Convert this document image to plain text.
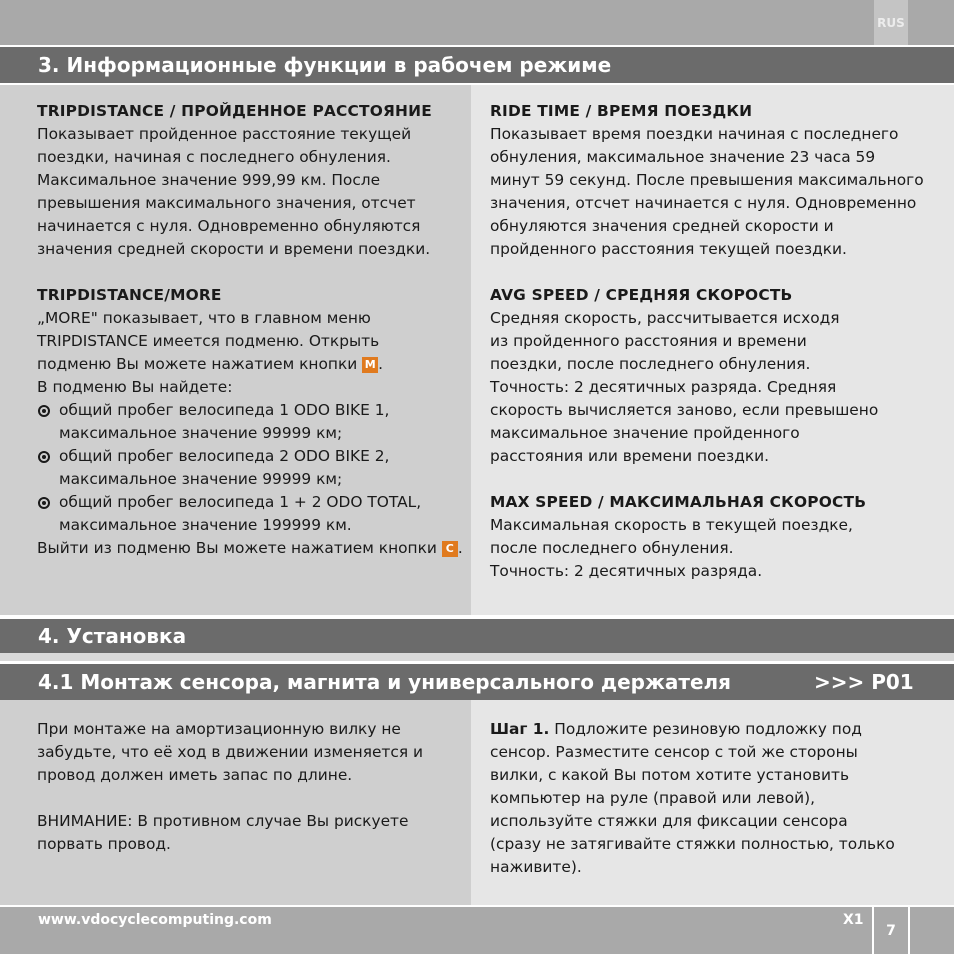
RUS
3. Информационные функции в рабочем режиме
4. Установка
4.1 Монтаж сенсора, магнита и универсального держателя	>>> P01

TRIPDISTANCE / ПРОЙДЕННОЕ РАССТОЯНИЕ

Показывает пройденное расстояние текущей

поездки, начиная с последнего обнуления.

Максимальное значение 999,99 км. После

превышения максимального значения, отсчет

начинается с нуля. Одновременно обнуляются

значения средней скорости и времени поездки.

TRIPDISTANCE/MORE

„MORE" показывает, что в главном меню

TRIPDISTANCE имеется подменю. Открыть

подменю Вы можете нажатием кнопки M .

В подменю Вы найдете:

общий пробег велосипеда 1 ODO BIKE 1,
максимальное значение 99999 км;
общий пробег велосипеда 2 ODO BIKE 2,
максимальное значение 99999 км;
общий пробег велосипеда 1 + 2 ODO TOTAL,
максимальное значение 199999 км.

Выйти из подменю Вы можете нажатием кнопки C .

RIDE TIME / ВРЕМЯ ПОЕЗДКИ

Показывает время поездки начиная с последнего

обнуления, максимальное значение 23 часа 59

минут 59 секунд. После превышения максимального

значения, отсчет начинается с нуля. Одновременно

обнуляются значения средней скорости и

пройденного расстояния текущей поездки.

AVG SPEED / СРЕДНЯЯ СКОРОСТЬ

Средняя скорость, рассчитывается исходя

из пройденного расстояния и времени

поездки, после последнего обнуления.

Точность: 2 десятичных разряда. Средняя

скорость вычисляется заново, если превышено

максимальное значение пройденного

расстояния или времени поездки.

MAX SPEED / МАКСИМАЛЬНАЯ СКОРОСТЬ

Максимальная скорость в текущей поездке,

после последнего обнуления.

Точность: 2 десятичных разряда.

При монтаже на амортизационную вилку не

забудьте, что её ход в движении изменяется и

провод должен иметь запас по длине.

ВНИМАНИЕ: В противном случае Вы рискуете

порвать провод.

Шаг 1. Подложите резиновую подложку под

сенсор. Разместите сенсор с той же стороны

вилки, с какой Вы потом хотите установить

компьютер на руле (правой или левой),

используйте стяжки для фиксации сенсора

(сразу не затягивайте стяжки полностью, только

наживите).

www.vdocyclecomputing.com	X1
7
